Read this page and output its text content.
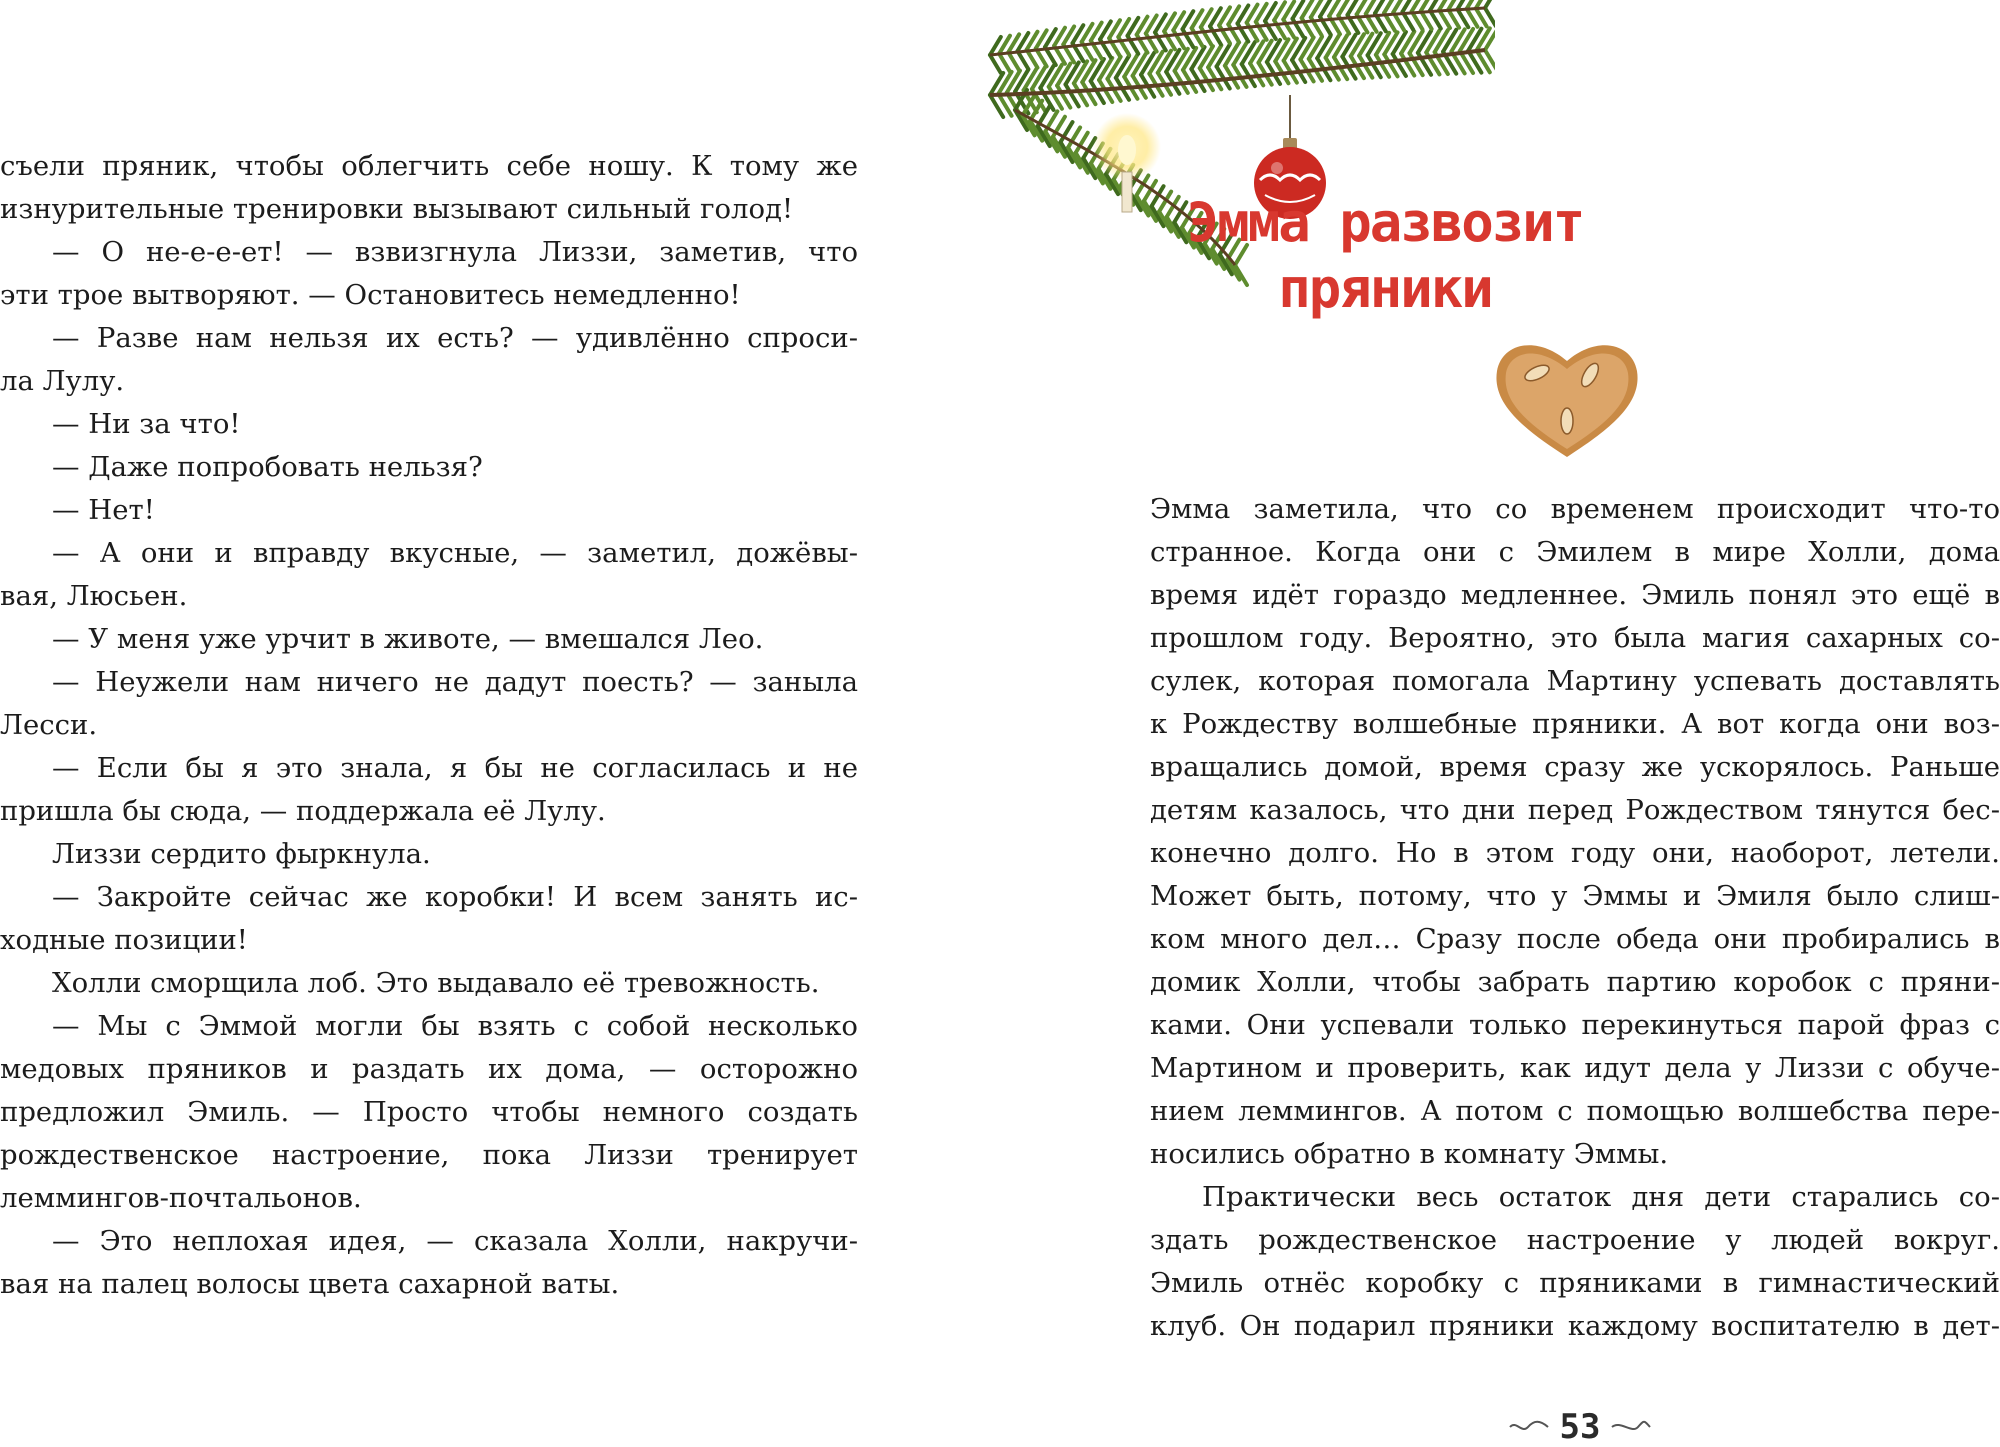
съели пряник, чтобы облегчить себе ношу. К тому же
изнурительные тренировки вызывают сильный голод!
— О не-е-е-ет! — взвизгнула Лиззи, заметив, что
эти трое вытворяют. — Остановитесь немедленно!
— Разве нам нельзя их есть? — удивлённо спроси-
ла Лулу.
— Ни за что!
— Даже попробовать нельзя?
— Нет!
— А они и вправду вкусные, — заметил, дожёвы-
вая, Люсьен.
— У меня уже урчит в животе, — вмешался Лео.
— Неужели нам ничего не дадут поесть? — заныла
Лесси.
— Если бы я это знала, я бы не согласилась и не
пришла бы сюда, — поддержала её Лулу.
Лиззи сердито фыркнула.
— Закройте сейчас же коробки! И всем занять ис-
ходные позиции!
Холли сморщила лоб. Это выдавало её тревожность.
— Мы с Эммой могли бы взять с собой несколько
медовых пряников и раздать их дома, — осторожно
предложил Эмиль. — Просто чтобы немного создать
рождественское настроение, пока Лиззи тренирует
леммингов-почтальонов.
— Это неплохая идея, — сказала Холли, накручи-
вая на палец волосы цвета сахарной ваты.
Эмма заметила, что со временем происходит что-то
странное. Когда они с Эмилем в мире Холли, дома
время идёт гораздо медленнее. Эмиль понял это ещё в
прошлом году. Вероятно, это была магия сахарных со-
сулек, которая помогала Мартину успевать доставлять
к Рождеству волшебные пряники. А вот когда они воз-
вращались домой, время сразу же ускорялось. Раньше
детям казалось, что дни перед Рождеством тянутся бес-
конечно долго. Но в этом году они, наоборот, летели.
Может быть, потому, что у Эммы и Эмиля было слиш-
ком много дел… Сразу после обеда они пробирались в
домик Холли, чтобы забрать партию коробок с пряни-
ками. Они успевали только перекинуться парой фраз с
Мартином и проверить, как идут дела у Лиззи с обуче-
нием леммингов. А потом с помощью волшебства пере-
носились обратно в комнату Эммы.
Практически весь остаток дня дети старались со-
здать рождественское настроение у людей вокруг.
Эмиль отнёс коробку с пряниками в гимнастический
клуб. Он подарил пряники каждому воспитателю в дет-
Эмма развозит
пряники
53
